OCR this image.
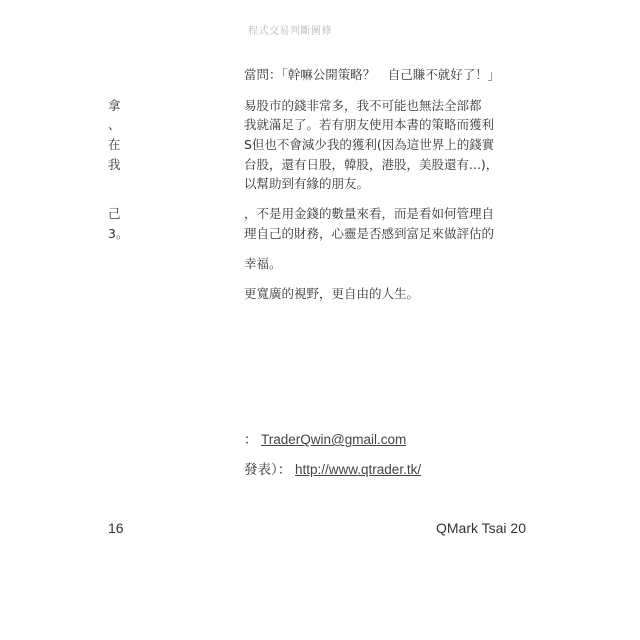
程式交易判斷圖條
拿
、
在
我
己
3。
當問：「幹嘛公開策略？　自己賺不就好了！」
易股市的錢非常多，我不可能也無法全部都
我就滿足了。若有朋友使用本書的策略而獲利
S但也不會減少我的獲利(因為這世界上的錢實
台股，還有日股，韓股，港股，美股還有...)，
以幫助到有緣的朋友。
，不是用金錢的數量來看，而是看如何管理自
理自己的財務，心靈是否感到富足來做評估的
幸福。
更寬廣的視野，更自由的人生。
： TraderQwin@gmail.com
發表）： http://www.qtrader.tk/
16	QMark Tsai 20
